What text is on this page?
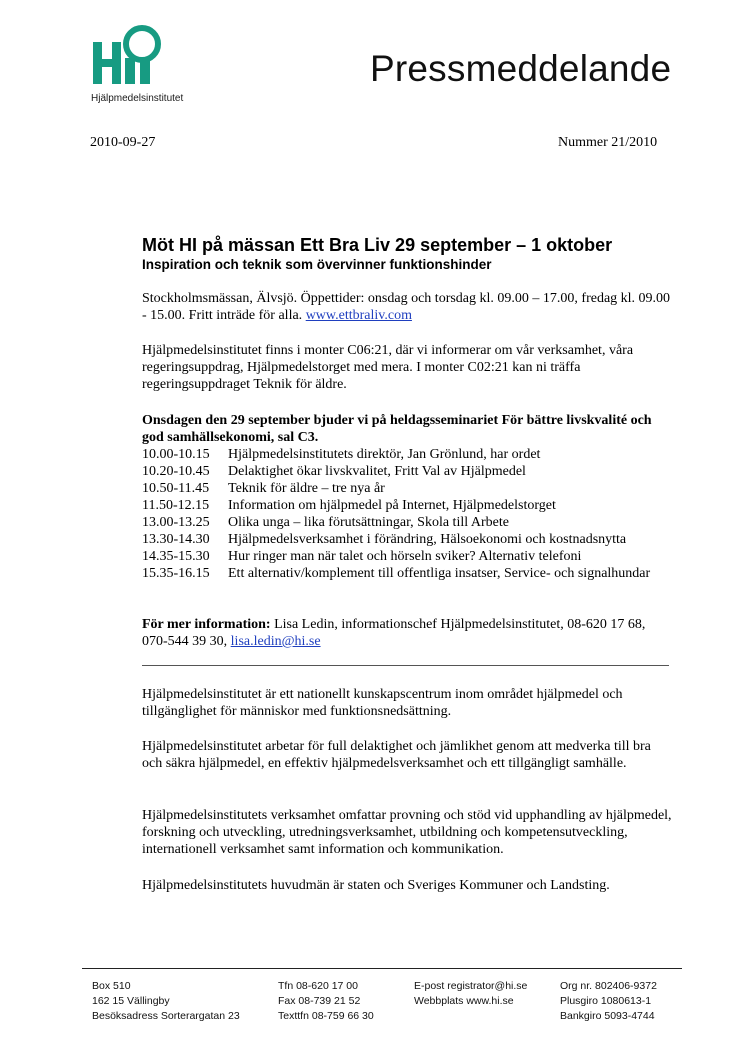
Hjälpmedelsinstitutet
Pressmeddelande
2010-09-27	Nummer 21/2010
Möt HI på mässan Ett Bra Liv 29 september – 1 oktober
Inspiration och teknik som övervinner funktionshinder

Stockholmsmässan, Älvsjö. Öppettider: onsdag och torsdag kl. 09.00 – 17.00, fredag kl. 09.00 - 15.00. Fritt inträde för alla. www.ettbraliv.com

Hjälpmedelsinstitutet finns i monter C06:21, där vi informerar om vår verksamhet, våra regeringsuppdrag, Hjälpmedelstorget med mera. I monter C02:21 kan ni träffa regeringsuppdraget Teknik för äldre.

Onsdagen den 29 september bjuder vi på heldagsseminariet För bättre livskvalité och god samhällsekonomi, sal C3.

10.00-10.15	Hjälpmedelsinstitutets direktör, Jan Grönlund, har ordet
10.20-10.45	Delaktighet ökar livskvalitet, Fritt Val av Hjälpmedel
10.50-11.45	Teknik för äldre – tre nya år
11.50-12.15	Information om hjälpmedel på Internet, Hjälpmedelstorget
13.00-13.25	Olika unga – lika förutsättningar, Skola till Arbete
13.30-14.30	Hjälpmedelsverksamhet i förändring, Hälsoekonomi och kostnadsnytta
14.35-15.30	Hur ringer man när talet och hörseln sviker? Alternativ telefoni
15.35-16.15	Ett alternativ/komplement till offentliga insatser, Service- och signalhundar

För mer information: Lisa Ledin, informationschef Hjälpmedelsinstitutet, 08-620 17 68, 070-544 39 30, lisa.ledin@hi.se

Hjälpmedelsinstitutet är ett nationellt kunskapscentrum inom området hjälpmedel och tillgänglighet för människor med funktionsnedsättning.

Hjälpmedelsinstitutet arbetar för full delaktighet och jämlikhet genom att medverka till bra och säkra hjälpmedel, en effektiv hjälpmedelsverksamhet och ett tillgängligt samhälle.

Hjälpmedelsinstitutets verksamhet omfattar provning och stöd vid upphandling av hjälpmedel, forskning och utveckling, utredningsverksamhet, utbildning och kompetensutveckling, internationell verksamhet samt information och kommunikation.

Hjälpmedelsinstitutets huvudmän är staten och Sveriges Kommuner och Landsting.

Box 510
162 15 Vällingby
Besöksadress Sorterargatan 23
Tfn 08-620 17 00
Fax 08-739 21 52
Texttfn 08-759 66 30
E-post registrator@hi.se
Webbplats www.hi.se
Org nr. 802406-9372
Plusgiro 1080613-1
Bankgiro 5093-4744
